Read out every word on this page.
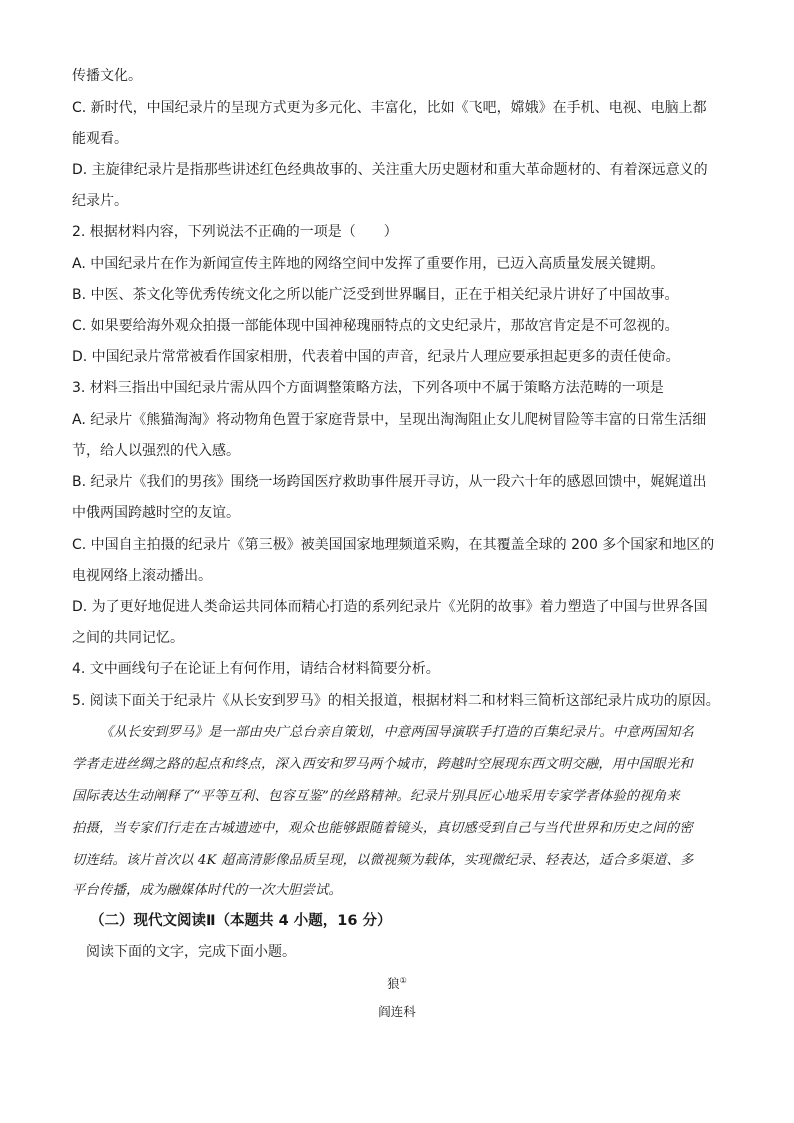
传播文化。
C. 新时代，中国纪录片的呈现方式更为多元化、丰富化，比如《飞吧，嫦娥》在手机、电视、电脑上都
能观看。
D. 主旋律纪录片是指那些讲述红色经典故事的、关注重大历史题材和重大革命题材的、有着深远意义的
纪录片。
2. 根据材料内容，下列说法不正确的一项是（　　）
A. 中国纪录片在作为新闻宣传主阵地的网络空间中发挥了重要作用，已迈入高质量发展关键期。
B. 中医、茶文化等优秀传统文化之所以能广泛受到世界瞩目，正在于相关纪录片讲好了中国故事。
C. 如果要给海外观众拍摄一部能体现中国神秘瑰丽特点的文史纪录片，那故宫肯定是不可忽视的。
D. 中国纪录片常常被看作国家相册，代表着中国的声音，纪录片人理应要承担起更多的责任使命。
3. 材料三指出中国纪录片需从四个方面调整策略方法，下列各项中不属于策略方法范畴的一项是
A. 纪录片《熊猫淘淘》将动物角色置于家庭背景中，呈现出淘淘阻止女儿爬树冒险等丰富的日常生活细
节，给人以强烈的代入感。
B. 纪录片《我们的男孩》围绕一场跨国医疗救助事件展开寻访，从一段六十年的感恩回馈中，娓娓道出
中俄两国跨越时空的友谊。
C. 中国自主拍摄的纪录片《第三极》被美国国家地理频道采购，在其覆盖全球的 200 多个国家和地区的
电视网络上滚动播出。
D. 为了更好地促进人类命运共同体而精心打造的系列纪录片《光阴的故事》着力塑造了中国与世界各国
之间的共同记忆。
4. 文中画线句子在论证上有何作用，请结合材料简要分析。
5. 阅读下面关于纪录片《从长安到罗马》的相关报道，根据材料二和材料三简析这部纪录片成功的原因。
《从长安到罗马》是一部由央广总台亲自策划，中意两国导演联手打造的百集纪录片。中意两国知名
学者走进丝绸之路的起点和终点，深入西安和罗马两个城市，跨越时空展现东西文明交融，用中国眼光和
国际表达生动阐释了“平等互利、包容互鉴”的丝路精神。纪录片别具匠心地采用专家学者体验的视角来
拍摄，当专家们行走在古城遗迹中，观众也能够跟随着镜头，真切感受到自己与当代世界和历史之间的密
切连结。该片首次以 4K 超高清影像品质呈现，以微视频为载体，实现微纪录、轻表达，适合多渠道、多
平台传播，成为融媒体时代的一次大胆尝试。
（二）现代文阅读Ⅱ（本题共 4 小题，16 分）
阅读下面的文字，完成下面小题。
狼①
阎连科
